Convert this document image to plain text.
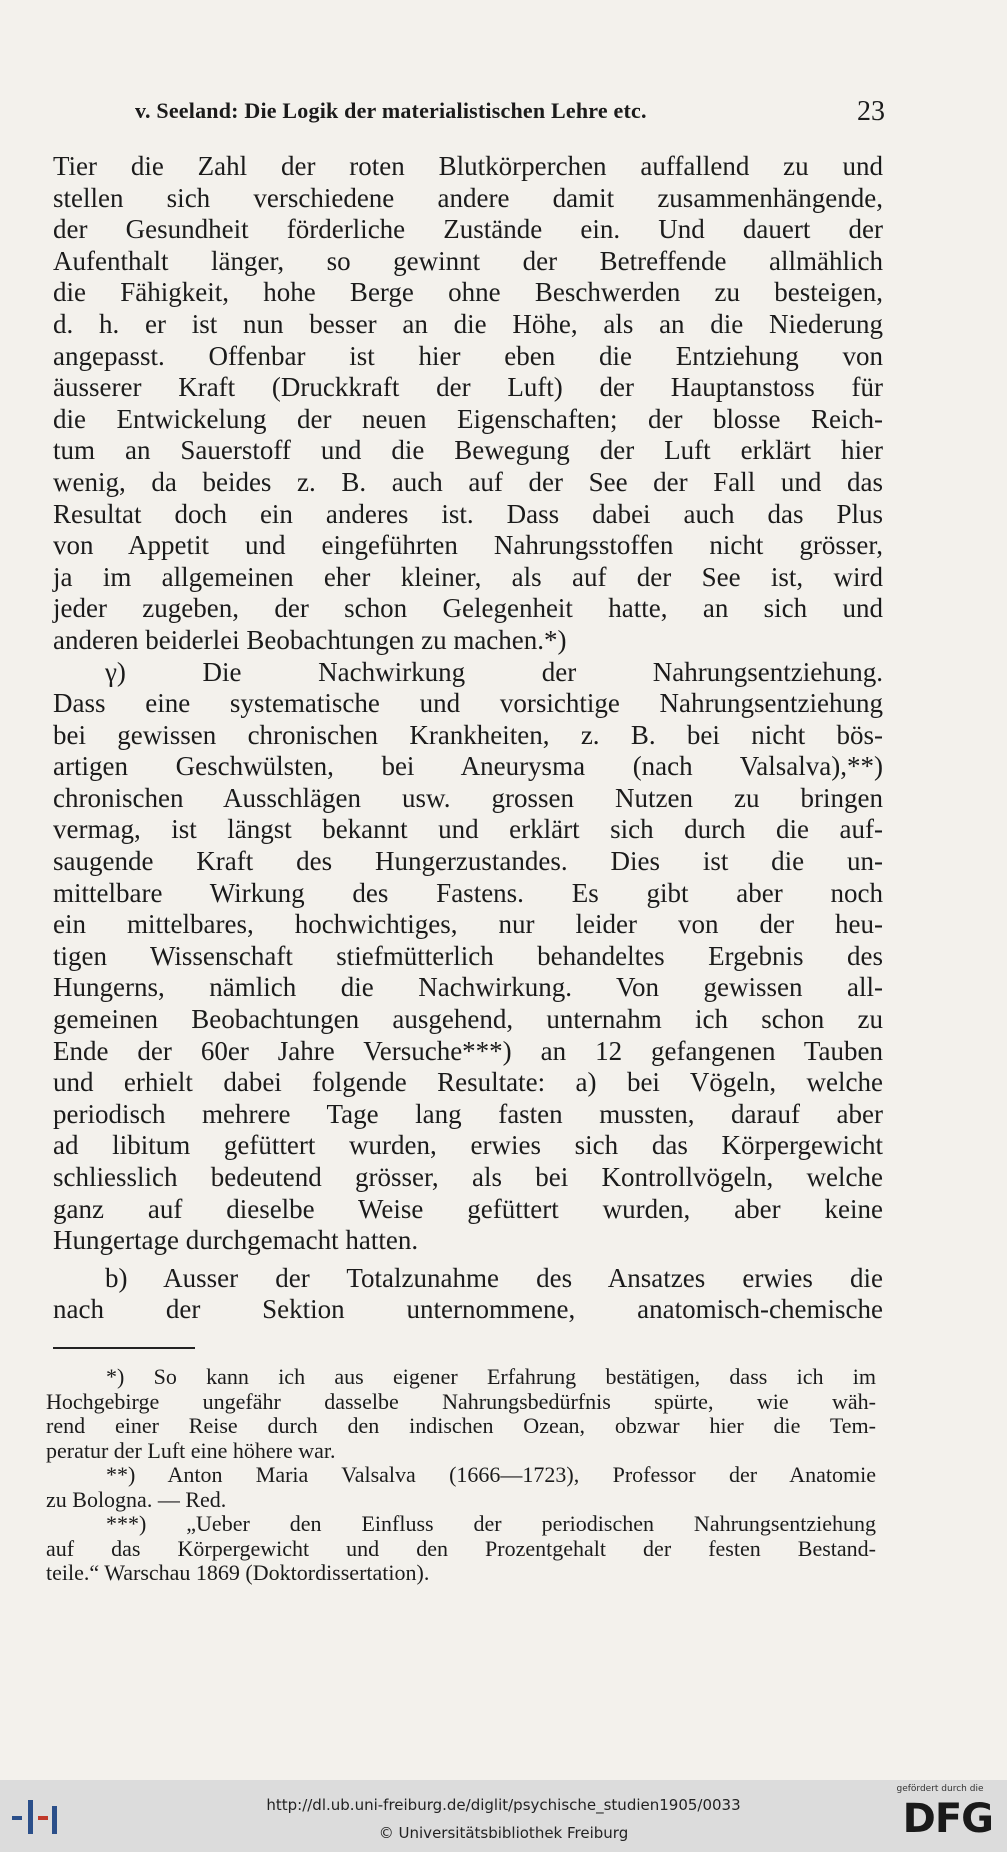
v. Seeland: Die Logik der materialistischen Lehre etc.	23
Tier die Zahl der roten Blutkörperchen auffallend zu und
stellen sich verschiedene andere damit zusammenhängende,
der Gesundheit förderliche Zustände ein. Und dauert der
Aufenthalt länger, so gewinnt der Betreffende allmählich
die Fähigkeit, hohe Berge ohne Beschwerden zu besteigen,
d. h. er ist nun besser an die Höhe, als an die Niederung
angepasst. Offenbar ist hier eben die Entziehung von
äusserer Kraft (Druckkraft der Luft) der Hauptanstoss für
die Entwickelung der neuen Eigenschaften; der blosse Reich-
tum an Sauerstoff und die Bewegung der Luft erklärt hier
wenig, da beides z. B. auch auf der See der Fall und das
Resultat doch ein anderes ist. Dass dabei auch das Plus
von Appetit und eingeführten Nahrungsstoffen nicht grösser,
ja im allgemeinen eher kleiner, als auf der See ist, wird
jeder zugeben, der schon Gelegenheit hatte, an sich und
anderen beiderlei Beobachtungen zu machen.*)
γ) Die Nachwirkung der Nahrungsentziehung.
Dass eine systematische und vorsichtige Nahrungsentziehung
bei gewissen chronischen Krankheiten, z. B. bei nicht bös-
artigen Geschwülsten, bei Aneurysma (nach Valsalva),**)
chronischen Ausschlägen usw. grossen Nutzen zu bringen
vermag, ist längst bekannt und erklärt sich durch die auf-
saugende Kraft des Hungerzustandes. Dies ist die un-
mittelbare Wirkung des Fastens. Es gibt aber noch
ein mittelbares, hochwichtiges, nur leider von der heu-
tigen Wissenschaft stiefmütterlich behandeltes Ergebnis des
Hungerns, nämlich die Nachwirkung. Von gewissen all-
gemeinen Beobachtungen ausgehend, unternahm ich schon zu
Ende der 60er Jahre Versuche***) an 12 gefangenen Tauben
und erhielt dabei folgende Resultate: a) bei Vögeln, welche
periodisch mehrere Tage lang fasten mussten, darauf aber
ad libitum gefüttert wurden, erwies sich das Körpergewicht
schliesslich bedeutend grösser, als bei Kontrollvögeln, welche
ganz auf dieselbe Weise gefüttert wurden, aber keine
Hungertage durchgemacht hatten.
b) Ausser der Totalzunahme des Ansatzes erwies die
nach der Sektion unternommene, anatomisch-chemische
*) So kann ich aus eigener Erfahrung bestätigen, dass ich im
Hochgebirge ungefähr dasselbe Nahrungsbedürfnis spürte, wie wäh-
rend einer Reise durch den indischen Ozean, obzwar hier die Tem-
peratur der Luft eine höhere war.
**) Anton Maria Valsalva (1666—1723), Professor der Anatomie
zu Bologna. — Red.
***) „Ueber den Einfluss der periodischen Nahrungsentziehung
auf das Körpergewicht und den Prozentgehalt der festen Bestand-
teile.“ Warschau 1869 (Doktordissertation).
http://dl.ub.uni-freiburg.de/diglit/psychische_studien1905/0033
© Universitätsbibliothek Freiburg
gefördert durch die
DFG
